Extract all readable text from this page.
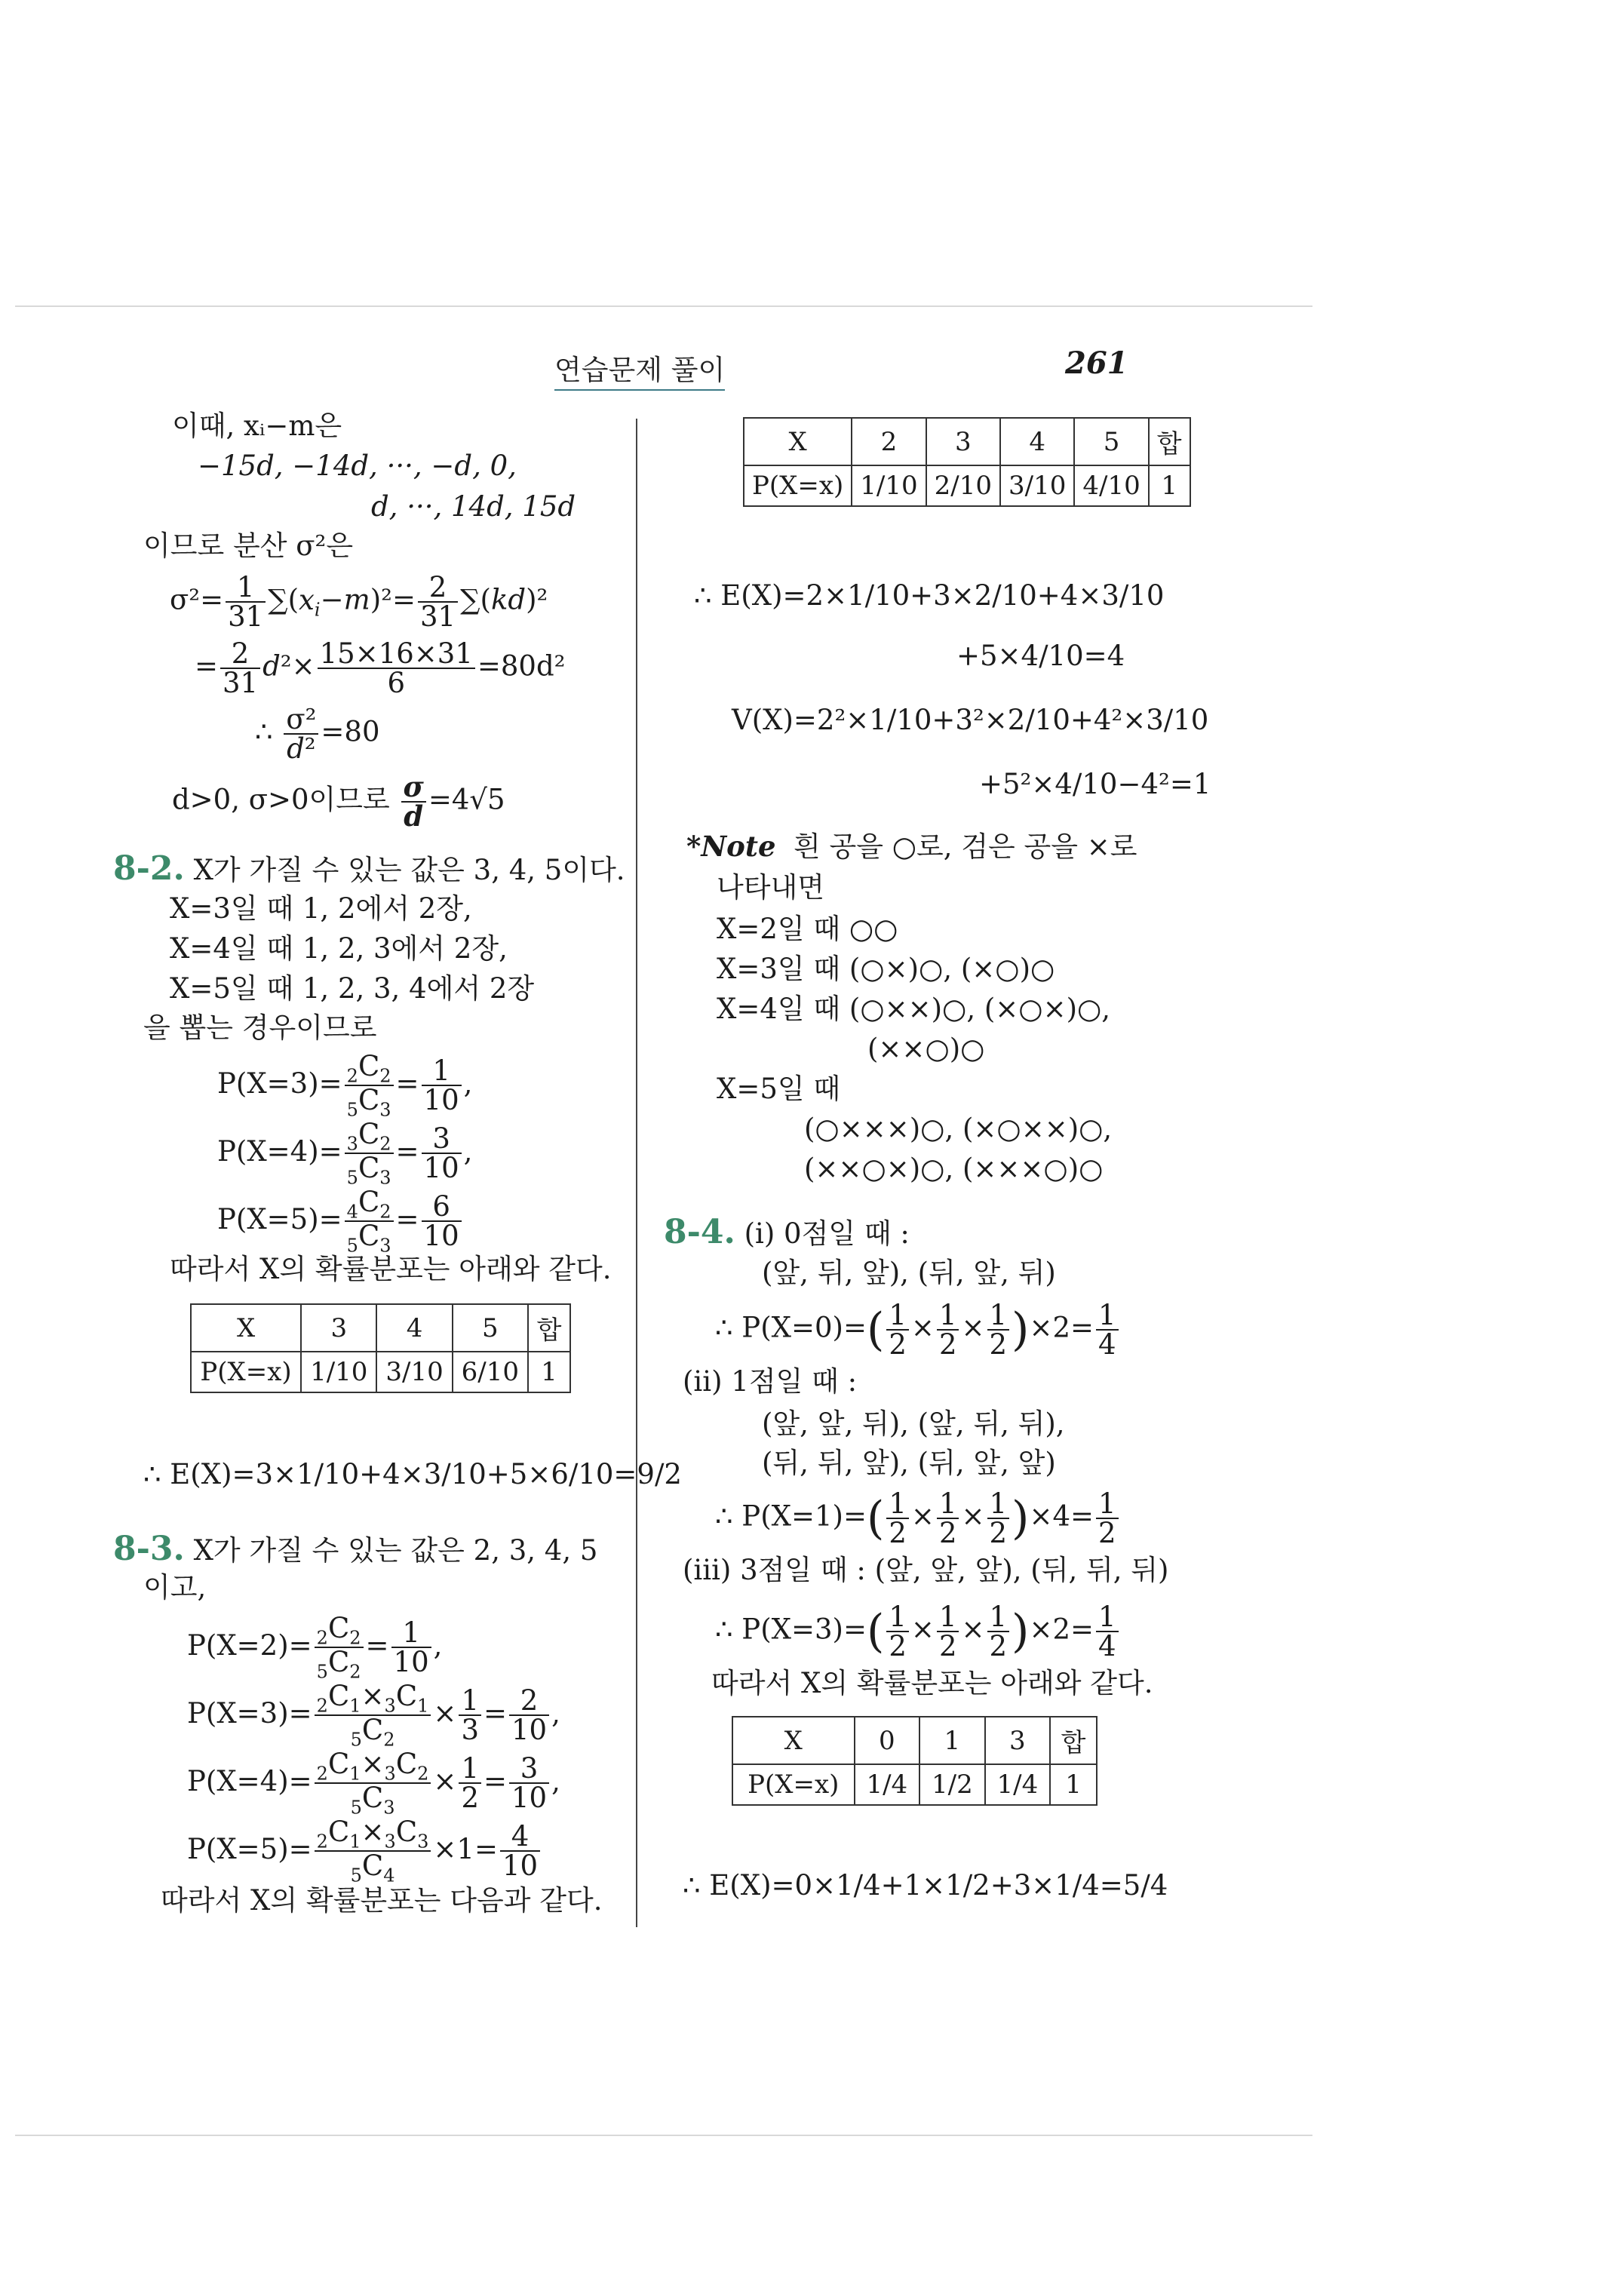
연습문제 풀이	261
이때, xᵢ−m은
−15d, −14d, ···, −d, 0,
d, ···, 14d, 15d
이므로 분산 σ²은
$\sigma^2= \frac{1}{31} \sum(x_i-m)^2= \frac{2}{31} \sum(kd)^2$
= $\frac{2}{31} d^2\times \frac{15\times 16\times 31}{6} =80d^2$
∴ $\frac{\text{σ²}}{\text{d²}} =80$
d>0, σ>0이므로 $\frac{\sigma}{d} =4√5$
8-2. X가 가질 수 있는 값은 3, 4, 5이다.
X=3일 때 1, 2에서 2장,
X=4일 때 1, 2, 3에서 2장,
X=5일 때 1, 2, 3, 4에서 2장
을 뽑는 경우이므로
$P(X=3)= \frac{_2C_2}{_5C_3} = \frac{1}{10}$ ,
$P(X=4)= \frac{_3C_2}{_5C_3} = \frac{3}{10}$ ,
$P(X=5)= \frac{_4C_2}{_5C_3} = \frac{6}{10}$
따라서 X의 확률분포는 아래와 같다.
X	3	4	5	합
P(X=x)	1/10	3/10	6/10	1
∴ E(X)=3×1/10+4×3/10+5×6/10=9/2
8-3. X가 가질 수 있는 값은 2, 3, 4, 5
이고,
$P(X=2)= \frac{_2C_2}{_5C_2} = \frac{1}{10}$ ,
$P(X=3)= \frac{_2C_1\times_3C_1}{_5C_2} \times \frac{1}{3} = \frac{2}{10}$ ,
$P(X=4)= \frac{_2C_1\times_3C_2}{_5C_3} \times \frac{1}{2} = \frac{3}{10}$ ,
$P(X=5)= \frac{_2C_1\times_3C_3}{_5C_4} \times 1= \frac{4}{10}$
따라서 X의 확률분포는 다음과 같다.
X	2	3	4	5	합
P(X=x)	1/10	2/10	3/10	4/10	1
∴ E(X)=2×1/10+3×2/10+4×3/10
+5×4/10=4
V(X)=2²×1/10+3²×2/10+4²×3/10
+5²×4/10−4²=1
*Note 흰 공을 ○로, 검은 공을 ×로
나타내면
X=2일 때 ○○
X=3일 때 (○×)○, (×○)○
X=4일 때 (○××)○, (×○×)○,
(××○)○
X=5일 때
(○×××)○, (×○××)○,
(××○×)○, (×××○)○
8-4. (i) 0점일 때 :
(앞, 뒤, 앞), (뒤, 앞, 뒤)
∴ $P(X=0)=( \frac{1}{2} \times \frac{1}{2} \times \frac{1}{2} )\times 2= \frac{1}{4}$
(ii) 1점일 때 :
(앞, 앞, 뒤), (앞, 뒤, 뒤),
(뒤, 뒤, 앞), (뒤, 앞, 앞)
∴ $P(X=1)=( \frac{1}{2} \times \frac{1}{2} \times \frac{1}{2} )\times 4= \frac{1}{2}$
(iii) 3점일 때 : (앞, 앞, 앞), (뒤, 뒤, 뒤)
∴ $P(X=3)=( \frac{1}{2} \times \frac{1}{2} \times \frac{1}{2} )\times 2= \frac{1}{4}$
따라서 X의 확률분포는 아래와 같다.
X	0	1	3	합
P(X=x)	1/4	1/2	1/4	1
∴ E(X)=0×1/4+1×1/2+3×1/4=5/4
